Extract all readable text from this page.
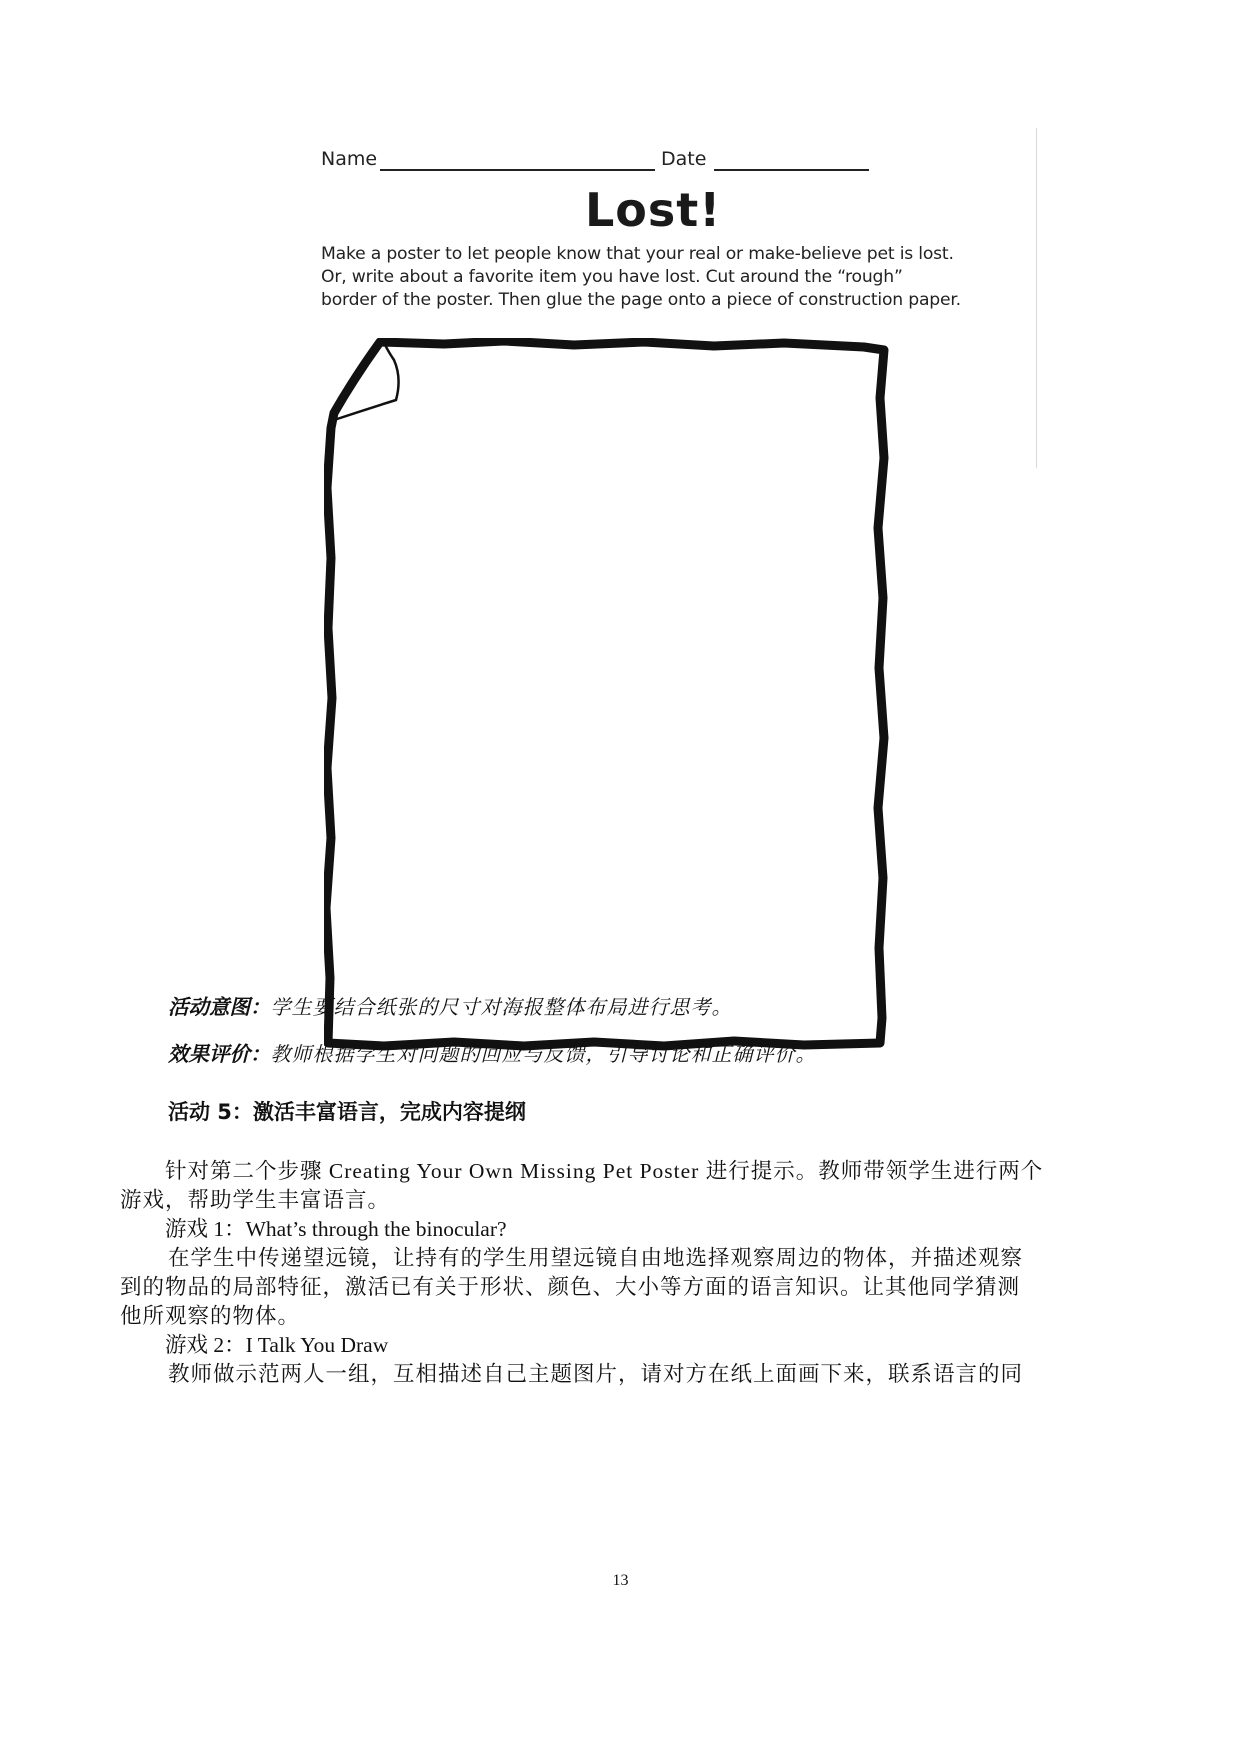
Name	Date
Lost!
Make a poster to let people know that your real or make-believe pet is lost.
Or, write about a favorite item you have lost. Cut around the “rough”
border of the poster. Then glue the page onto a piece of construction paper.
活动意图：学生要结合纸张的尺寸对海报整体布局进行思考。
效果评价：教师根据学生对问题的回应与反馈，引导讨论和正确评价。
活动 5：激活丰富语言，完成内容提纲
针对第二个步骤 Creating Your Own Missing Pet Poster 进行提示。教师带领学生进行两个
游戏，帮助学生丰富语言。
游戏 1：What’s through the binocular?
在学生中传递望远镜，让持有的学生用望远镜自由地选择观察周边的物体，并描述观察
到的物品的局部特征，激活已有关于形状、颜色、大小等方面的语言知识。让其他同学猜测
他所观察的物体。
游戏 2：I Talk You Draw
教师做示范两人一组，互相描述自己主题图片，请对方在纸上面画下来，联系语言的同
13
